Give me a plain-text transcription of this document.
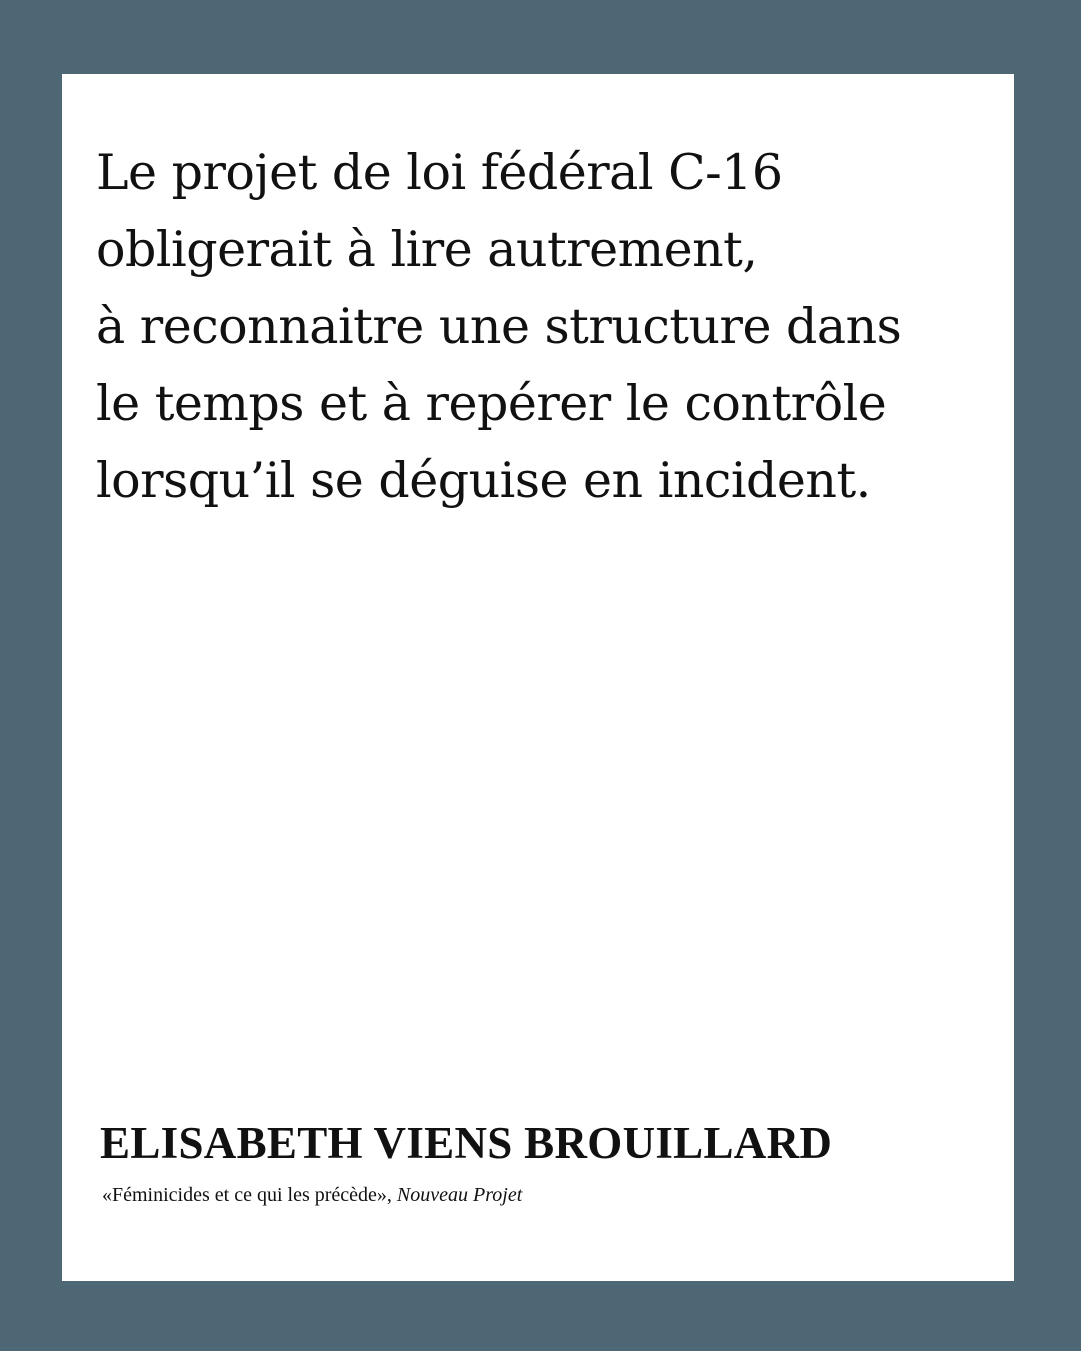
Le projet de loi fédéral C-16
obligerait à lire autrement,
à reconnaitre une structure dans
le temps et à repérer le contrôle
lorsqu’il se déguise en incident.

ELISABETH VIENS BROUILLARD

«Féminicides et ce qui les précède», Nouveau Projet
